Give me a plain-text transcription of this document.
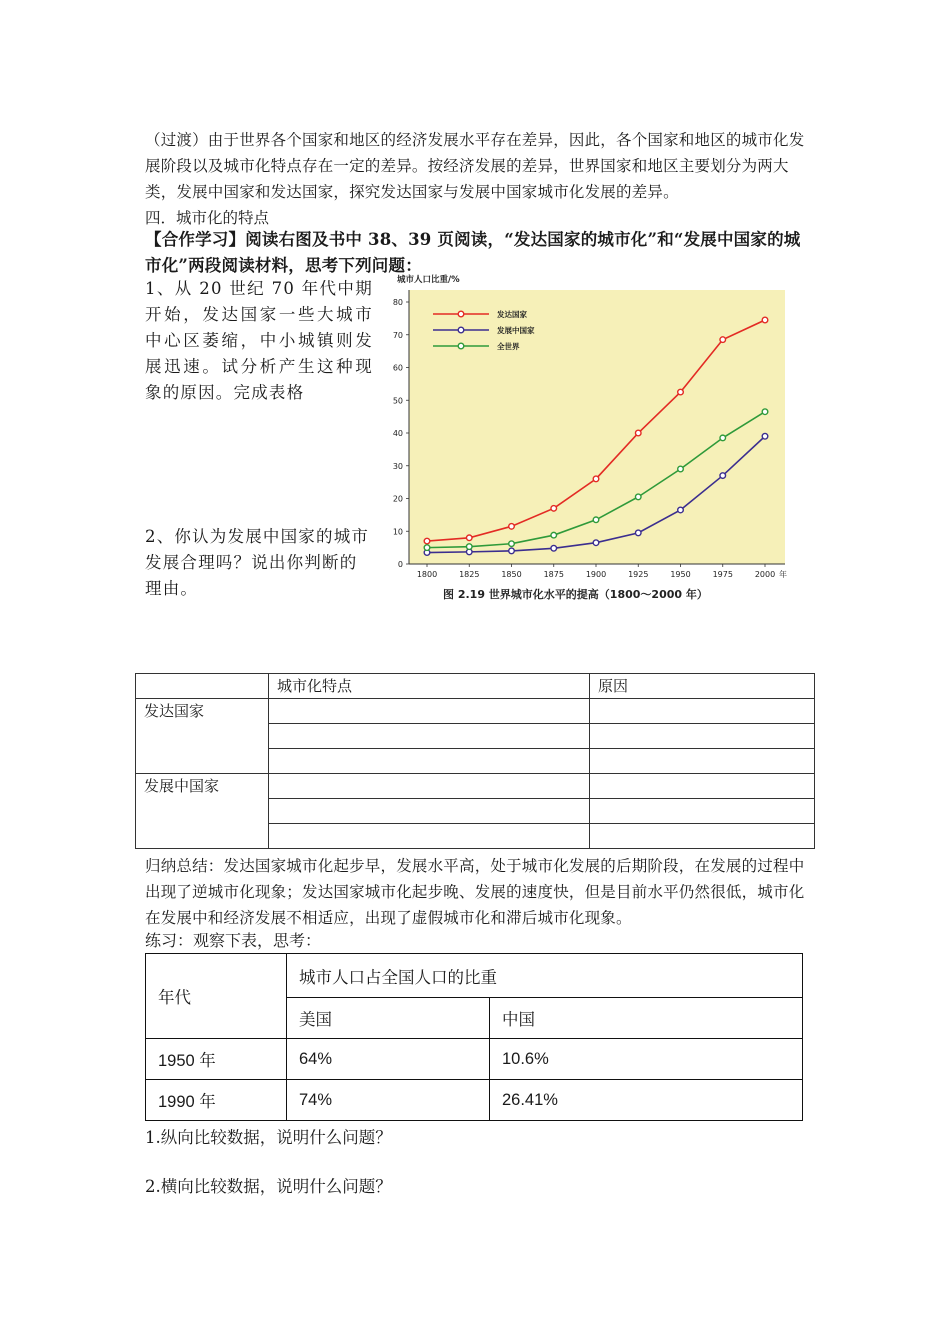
（过渡）由于世界各个国家和地区的经济发展水平存在差异，因此，各个国家和地区的城市化发展阶段以及城市化特点存在一定的差异。按经济发展的差异，世界国家和地区主要划分为两大类，发展中国家和发达国家，探究发达国家与发展中国家城市化发展的差异。
四．城市化的特点
【合作学习】阅读右图及书中 38、39 页阅读，“发达国家的城市化”和“发展中国家的城市化”两段阅读材料，思考下列问题：
1、从 20 世纪 70 年代中期开始，发达国家一些大城市中心区萎缩，中小城镇则发展迅速。试分析产生这种现象的原因。完成表格
2、你认为发展中国家的城市发展合理吗？说出你判断的理由。
0
10
20
30
40
50
60
70
80
1800	1825	1850	1875	1900	1925	1950	1975	2000 年
城市人口比重/%
发达国家
发展中国家
全世界
图 2.19 世界城市化水平的提高（1800～2000 年）
	城市化特点	原因
发达国家		

发展中国家		

归纳总结：发达国家城市化起步早，发展水平高，处于城市化发展的后期阶段，在发展的过程中出现了逆城市化现象；发达国家城市化起步晚、发展的速度快，但是目前水平仍然很低，城市化在发展中和经济发展不相适应，出现了虚假城市化和滞后城市化现象。
练习：观察下表，思考：
年代	城市人口占全国人口的比重	
	美国	中国
1950 年	64%	10.6%
1990 年	74%	26.41%
1.纵向比较数据，说明什么问题？
2.横向比较数据，说明什么问题？
